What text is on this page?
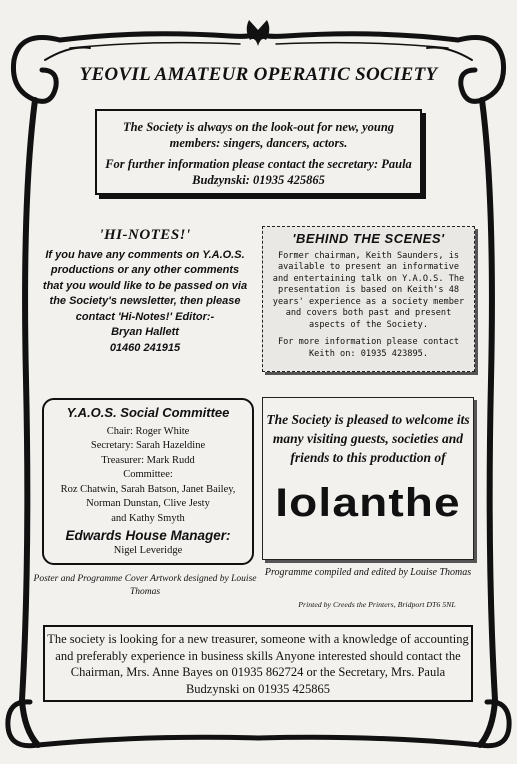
YEOVIL AMATEUR OPERATIC SOCIETY

The Society is always on the look-out for new, young members: singers, dancers, actors.

For further information please contact the secretary: Paula Budzynski: 01935 425865

'HI-NOTES!'
If you have any comments on Y.A.O.S. productions or any other comments that you would like to be passed on via the Society's newsletter, then please contact 'Hi-Notes!' Editor:-
Bryan Hallett
01460 241915
'BEHIND THE SCENES'

Former chairman, Keith Saunders, is available to present an informative and entertaining talk on Y.A.O.S. The presentation is based on Keith's 48 years' experience as a society member and covers both past and present aspects of the Society.

For more information please contact Keith on: 01935 423895.

Y.A.O.S. Social Committee
Chair: Roger White
Secretary: Sarah Hazeldine
Treasurer: Mark Rudd
Committee:
Roz Chatwin, Sarah Batson, Janet Bailey,
Norman Dunstan, Clive Jesty
and Kathy Smyth
Edwards House Manager:
Nigel Leveridge
Poster and Programme Cover Artwork designed by Louise Thomas
The Society is pleased to welcome its many visiting guests, societies and friends to this production of
Iolanthe
Programme compiled and edited by Louise Thomas
Printed by Creeds the Printers, Bridport DT6 5NL
The society is looking for a new treasurer, someone with a knowledge of accounting and preferably experience in business skills Anyone interested should contact the Chairman, Mrs. Anne Bayes on 01935 862724 or the Secretary, Mrs. Paula Budzynski on 01935 425865
